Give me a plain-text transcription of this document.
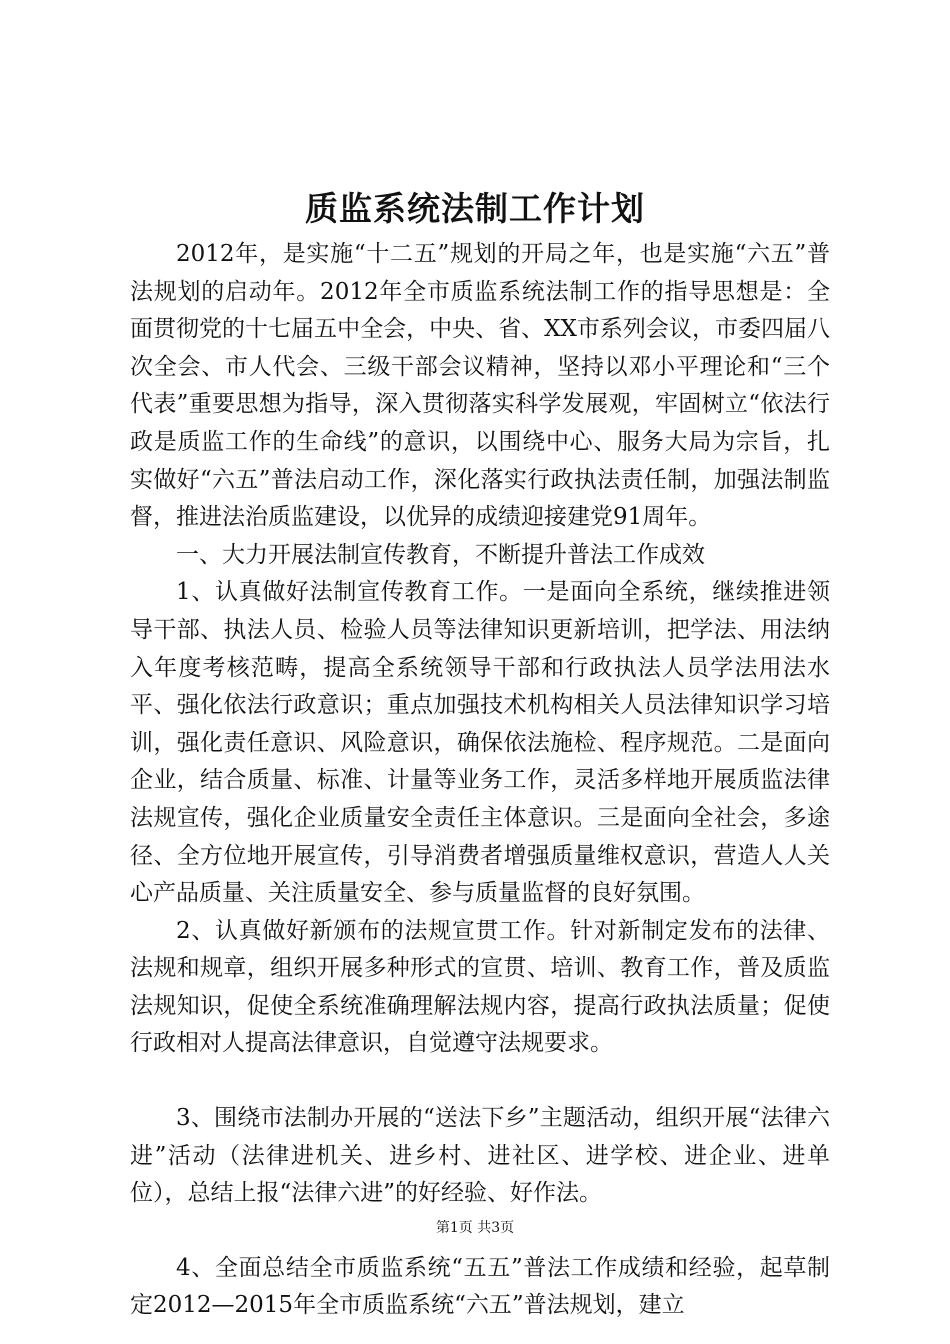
质监系统法制工作计划

2012年，是实施“十二五”规划的开局之年，也是实施“六五”普法规划的启动年。2012年全市质监系统法制工作的指导思想是：全面贯彻党的十七届五中全会，中央、省、XX市系列会议，市委四届八次全会、市人代会、三级干部会议精神，坚持以邓小平理论和“三个代表”重要思想为指导，深入贯彻落实科学发展观，牢固树立“依法行政是质监工作的生命线”的意识，以围绕中心、服务大局为宗旨，扎实做好“六五”普法启动工作，深化落实行政执法责任制，加强法制监督，推进法治质监建设，以优异的成绩迎接建党91周年。

一、大力开展法制宣传教育，不断提升普法工作成效

1、认真做好法制宣传教育工作。一是面向全系统，继续推进领导干部、执法人员、检验人员等法律知识更新培训，把学法、用法纳入年度考核范畴，提高全系统领导干部和行政执法人员学法用法水平、强化依法行政意识；重点加强技术机构相关人员法律知识学习培训，强化责任意识、风险意识，确保依法施检、程序规范。二是面向企业，结合质量、标准、计量等业务工作，灵活多样地开展质监法律法规宣传，强化企业质量安全责任主体意识。三是面向全社会，多途径、全方位地开展宣传，引导消费者增强质量维权意识，营造人人关心产品质量、关注质量安全、参与质量监督的良好氛围。

2、认真做好新颁布的法规宣贯工作。针对新制定发布的法律、法规和规章，组织开展多种形式的宣贯、培训、教育工作，普及质监法规知识，促使全系统准确理解法规内容，提高行政执法质量；促使行政相对人提高法律意识，自觉遵守法规要求。

3、围绕市法制办开展的“送法下乡”主题活动，组织开展“法律六进”活动（法律进机关、进乡村、进社区、进学校、进企业、进单位），总结上报“法律六进”的好经验、好作法。

4、全面总结全市质监系统“五五”普法工作成绩和经验，起草制定2012—2015年全市质监系统“六五”普法规划，建立

第1页 共3页
